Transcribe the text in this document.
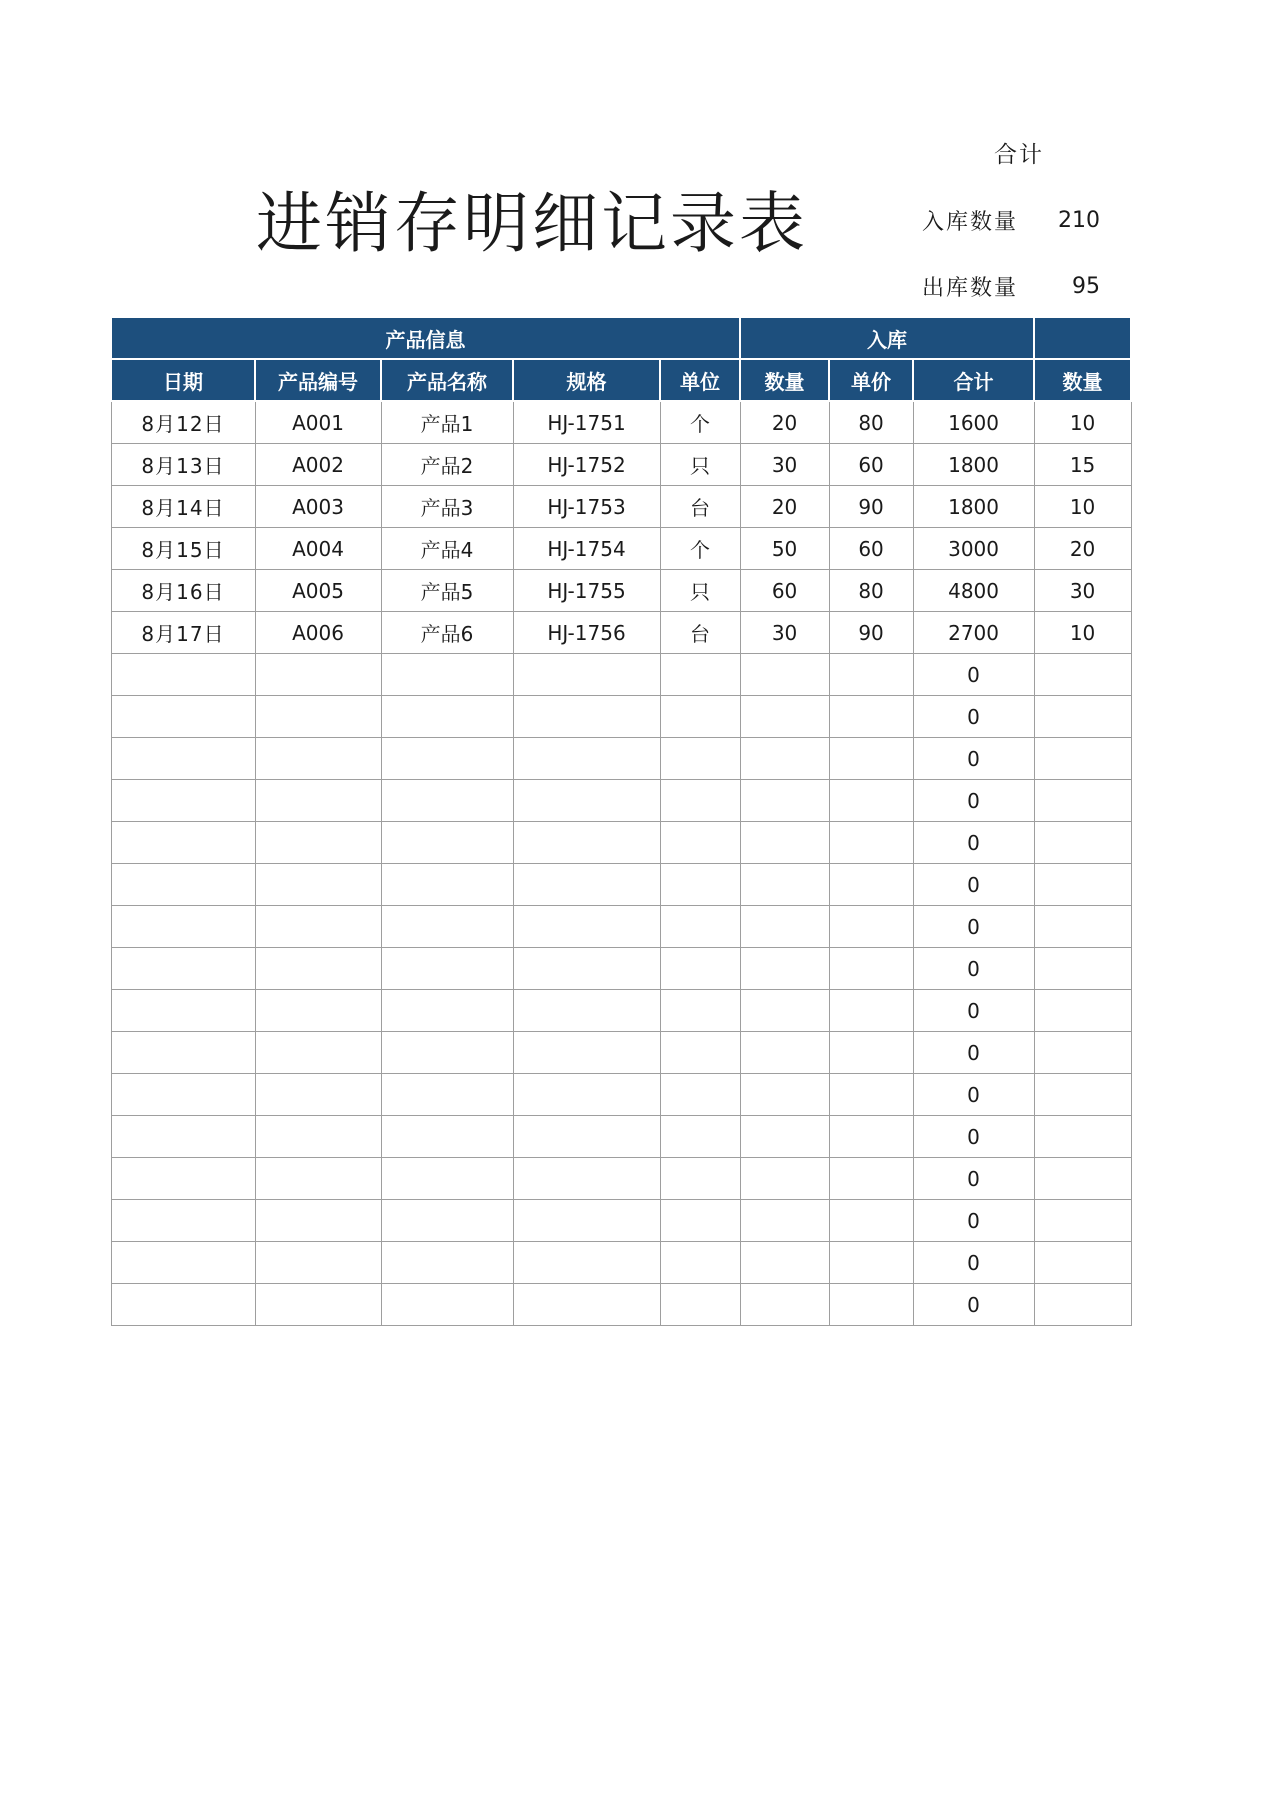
合计
进销存明细记录表	入库数量	210
出库数量	95
产品信息					入库			
日期	产品编号	产品名称	规格	单位	数量	单价	合计	数量
8月12日	A001	产品1	HJ-1751	个	20	80	1600	10
8月13日	A002	产品2	HJ-1752	只	30	60	1800	15
8月14日	A003	产品3	HJ-1753	台	20	90	1800	10
8月15日	A004	产品4	HJ-1754	个	50	60	3000	20
8月16日	A005	产品5	HJ-1755	只	60	80	4800	30
8月17日	A006	产品6	HJ-1756	台	30	90	2700	10
							0	
							0	
							0	
							0	
							0	
							0	
							0	
							0	
							0	
							0	
							0	
							0	
							0	
							0	
							0	
							0	
